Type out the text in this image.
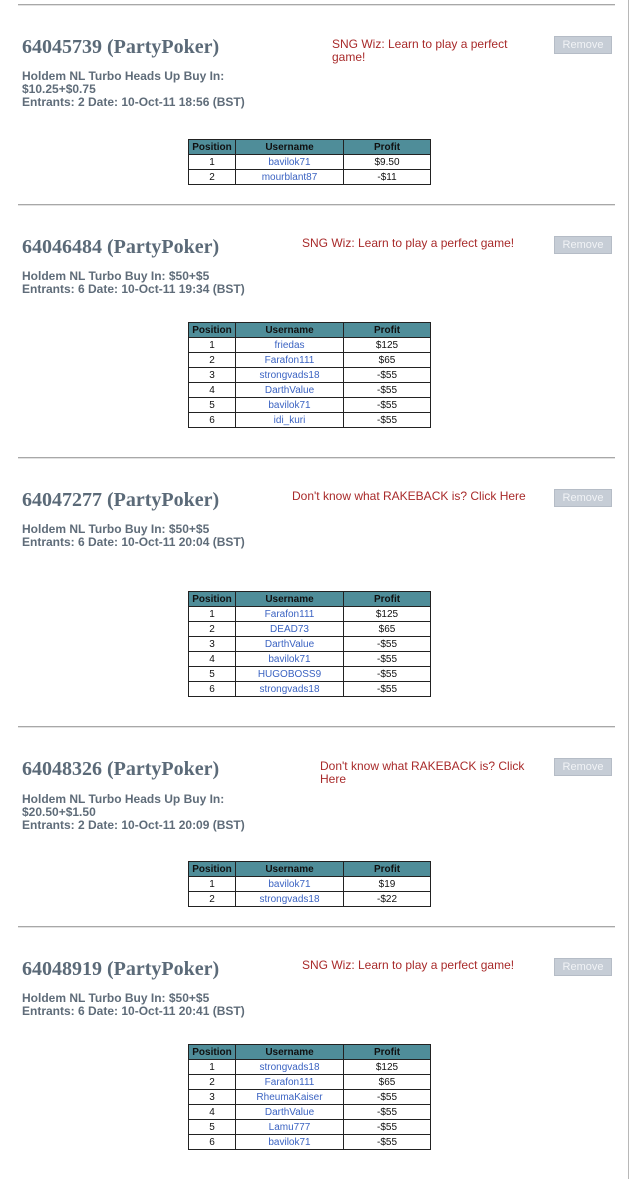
64045739 (PartyPoker)	SNG Wiz: Learn to play a perfect game!
Remove
Holdem NL Turbo Heads Up Buy In: $10.25+$0.75
Entrants: 2 Date: 10-Oct-11 18:56 (BST)
Position	Username	Profit
1	bavilok71	$9.50
2	mourblant87	-$11
64046484 (PartyPoker)	SNG Wiz: Learn to play a perfect game!	Remove
Holdem NL Turbo Buy In: $50+$5
Entrants: 6 Date: 10-Oct-11 19:34 (BST)
Position	Username	Profit
1	friedas	$125
2	Farafon111	$65
3	strongvads18	-$55
4	DarthValue	-$55
5	bavilok71	-$55
6	idi_kuri	-$55
64047277 (PartyPoker)	Don't know what RAKEBACK is? Click Here	Remove
Holdem NL Turbo Buy In: $50+$5
Entrants: 6 Date: 10-Oct-11 20:04 (BST)
Position	Username	Profit
1	Farafon111	$125
2	DEAD73	$65
3	DarthValue	-$55
4	bavilok71	-$55
5	HUGOBOSS9	-$55
6	strongvads18	-$55
64048326 (PartyPoker)	Don't know what RAKEBACK is? Click Here
Remove
Holdem NL Turbo Heads Up Buy In: $20.50+$1.50
Entrants: 2 Date: 10-Oct-11 20:09 (BST)
Position	Username	Profit
1	bavilok71	$19
2	strongvads18	-$22
64048919 (PartyPoker)	SNG Wiz: Learn to play a perfect game!	Remove
Holdem NL Turbo Buy In: $50+$5
Entrants: 6 Date: 10-Oct-11 20:41 (BST)
Position	Username	Profit
1	strongvads18	$125
2	Farafon111	$65
3	RheumaKaiser	-$55
4	DarthValue	-$55
5	Lamu777	-$55
6	bavilok71	-$55
